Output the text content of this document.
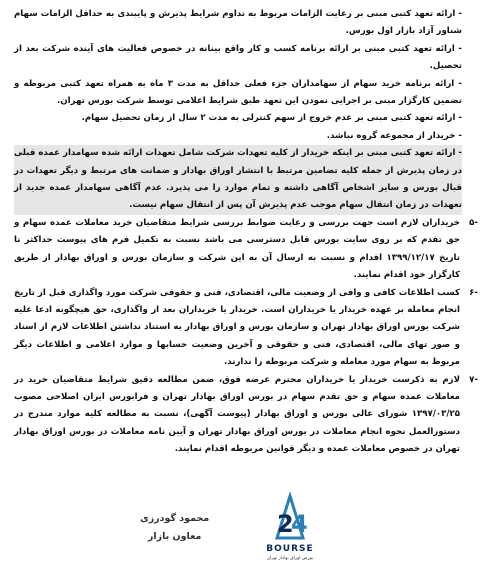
- ارائه تعهد کتبی مبنی بر رعایت الزامات مربوط به تداوم شرایط پذیرش و پایبندی به حداقل الزامات سهام شناور آزاد بازار اول بورس.
- ارائه تعهد کتبی مبنی بر ارائه برنامه کسب و کار واقع بینانه در خصوص فعالیت های آینده شرکت بعد از تحصیل.
- ارائه برنامه خرید سهام از سهامداران جزء فعلی حداقل به مدت ۳ ماه به همراه تعهد کتبی مربوطه و تضمین کارگزار مبنی بر اجرایی نمودن این تعهد طبق شرایط اعلامی توسط شرکت بورس تهران.
- ارائه تعهد کتبی مبنی بر عدم خروج از سهم کنترلی به مدت ۲ سال از زمان تحصیل سهام.
- خریدار از مجموعه گروه نباشد.
- ارائه تعهد کتبی مبنی بر اینکه خریدار از کلیه تعهدات شرکت شامل تعهدات ارائه شده سهامدار عمده قبلی در زمان پذیرش از جمله کلیه تضامین مرتبط با انتشار اوراق بهادار و ضمانت های مرتبط و دیگر تعهدات در قبال بورس و سایر اشخاص آگاهی داشته و تمام موارد را می پذیرد. عدم آگاهی سهامدار عمده جدید از تعهدات در زمان انتقال سهام موجب عدم پذیرش آن پس از انتقال سهام نیست.
-۵
خریداران لازم است جهت بررسی و رعایت ضوابط بررسی شرایط متقاضیان خرید معاملات عمده سهام و حق تقدم که بر روی سایت بورس قابل دسترسی می باشد نسبت به تکمیل فرم های پیوست حداکثر تا تاریخ ۱۳۹۹/۱۲/۱۷ اقدام و نسبت به ارسال آن به این شرکت و سازمان بورس و اوراق بهادار از طریق کارگزار خود اقدام نمایند.
-۶
کسب اطلاعات کافی و وافی از وضعیت مالی، اقتصادی، فنی و حقوقی شرکت مورد واگذاری قبل از تاریخ انجام معامله بر عهده خریدار یا خریداران است. خریدار یا خریداران بعد از واگذاری، حق هیچگونه ادعا علیه شرکت بورس اوراق بهادار تهران و سازمان بورس و اوراق بهادار به استناد نداشتن اطلاعات لازم از اسناد و صور تهای مالی، اقتصادی، فنی و حقوقی و آخرین وضعیت حسابها و موارد اعلامی و اطلاعات دیگر مربوط به سهام مورد معامله و شرکت مربوطه را ندارند.
-۷
لازم به ذکرست خریدار یا خریداران محترم عرضه فوق، ضمن مطالعه دقیق شرایط متقاضیان خرید در معاملات عمده سهام و حق تقدم سهام در بورس اوراق بهادار تهران و فرابورس ایران اصلاحی مصوب ۱۳۹۷/۰۳/۲۵ شورای عالی بورس و اوراق بهادار (پیوست آگهی)، نسبت به مطالعه کلیه موارد مندرج در دستورالعمل نحوه انجام معاملات در بورس اوراق بهادار تهران و آیین نامه معاملات در بورس اوراق بهادار تهران در خصوص معاملات عمده و دیگر قوانین مربوطه اقدام نمایند.
محمود گودرزی
معاون بازار	2
4
BOURSE
بورس اوراق بهادار تهران
